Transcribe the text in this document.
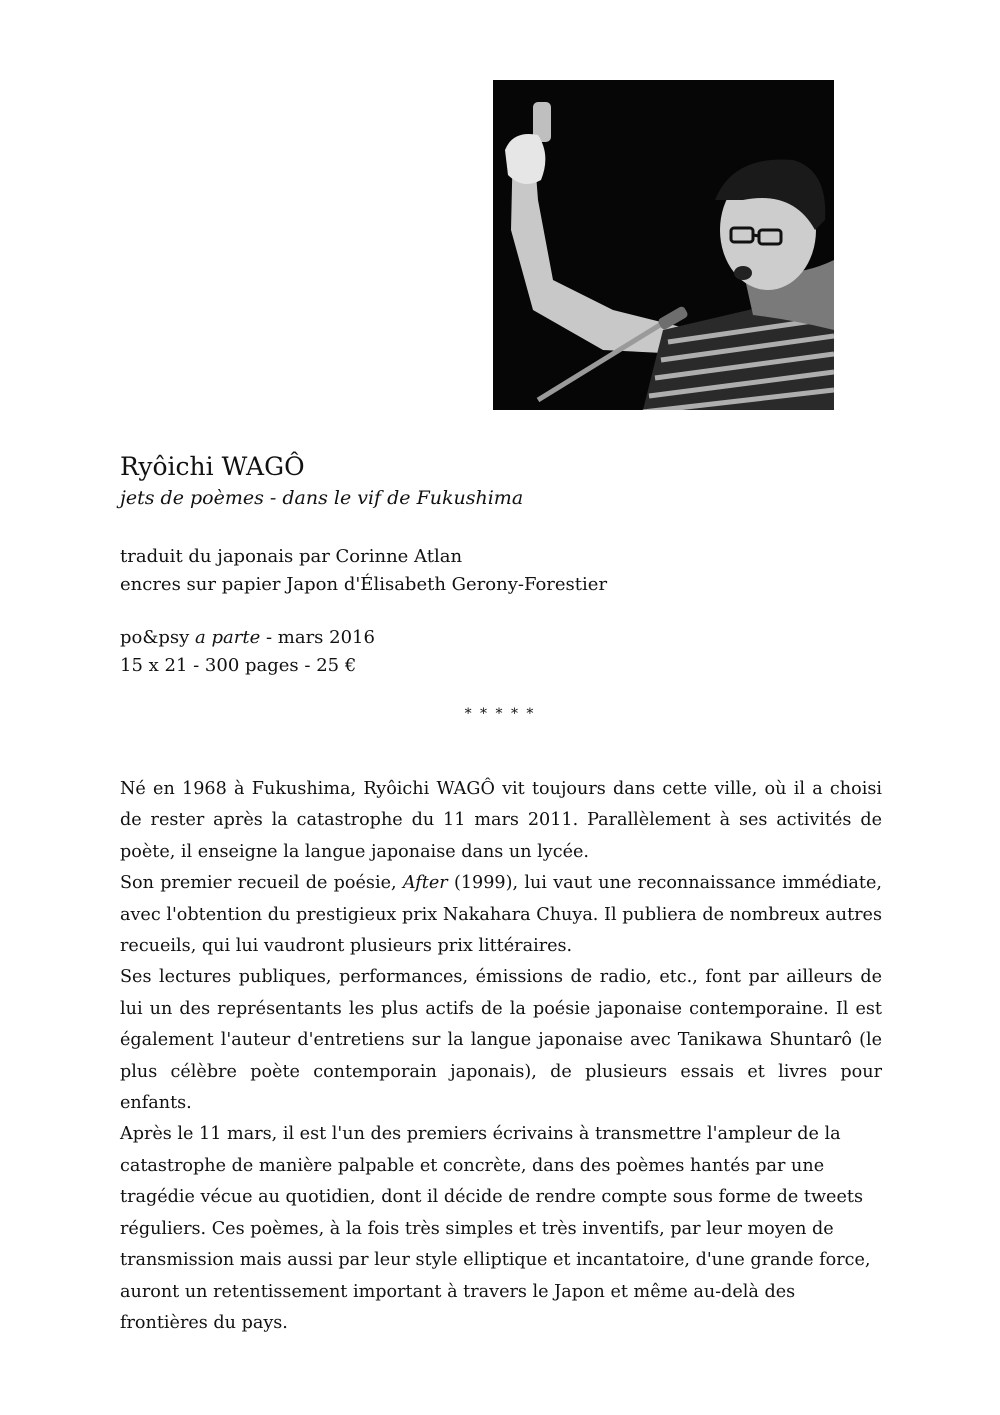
Ryôichi WAGÔ

jets de poèmes - dans le vif de Fukushima

traduit du japonais par Corinne Atlan
encres sur papier Japon d'Élisabeth Gerony-Forestier
po&psy a parte - mars 2016
15 x 21 - 300 pages - 25 €
* * * * *

Né en 1968 à Fukushima, Ryôichi WAGÔ vit toujours dans cette ville, où il a choisi de rester après la catastrophe du 11 mars 2011. Parallèlement à ses activités de poète, il enseigne la langue japonaise dans un lycée.

Son premier recueil de poésie, After (1999), lui vaut une reconnaissance immédiate, avec l'obtention du prestigieux prix Nakahara Chuya. Il publiera de nombreux autres recueils, qui lui vaudront plusieurs prix littéraires.

Ses lectures publiques, performances, émissions de radio, etc., font par ailleurs de lui un des représentants les plus actifs de la poésie japonaise contemporaine. Il est également l'auteur d'entretiens sur la langue japonaise avec Tanikawa Shuntarô (le plus célèbre poète contemporain japonais), de plusieurs essais et livres pour enfants.

Après le 11 mars, il est l'un des premiers écrivains à transmettre l'ampleur de la catastrophe de manière palpable et concrète, dans des poèmes hantés par une tragédie vécue au quotidien, dont il décide de rendre compte sous forme de tweets réguliers. Ces poèmes, à la fois très simples et très inventifs, par leur moyen de transmission mais aussi par leur style elliptique et incantatoire, d'une grande force, auront un retentissement important à travers le Japon et même au-delà des frontières du pays.
